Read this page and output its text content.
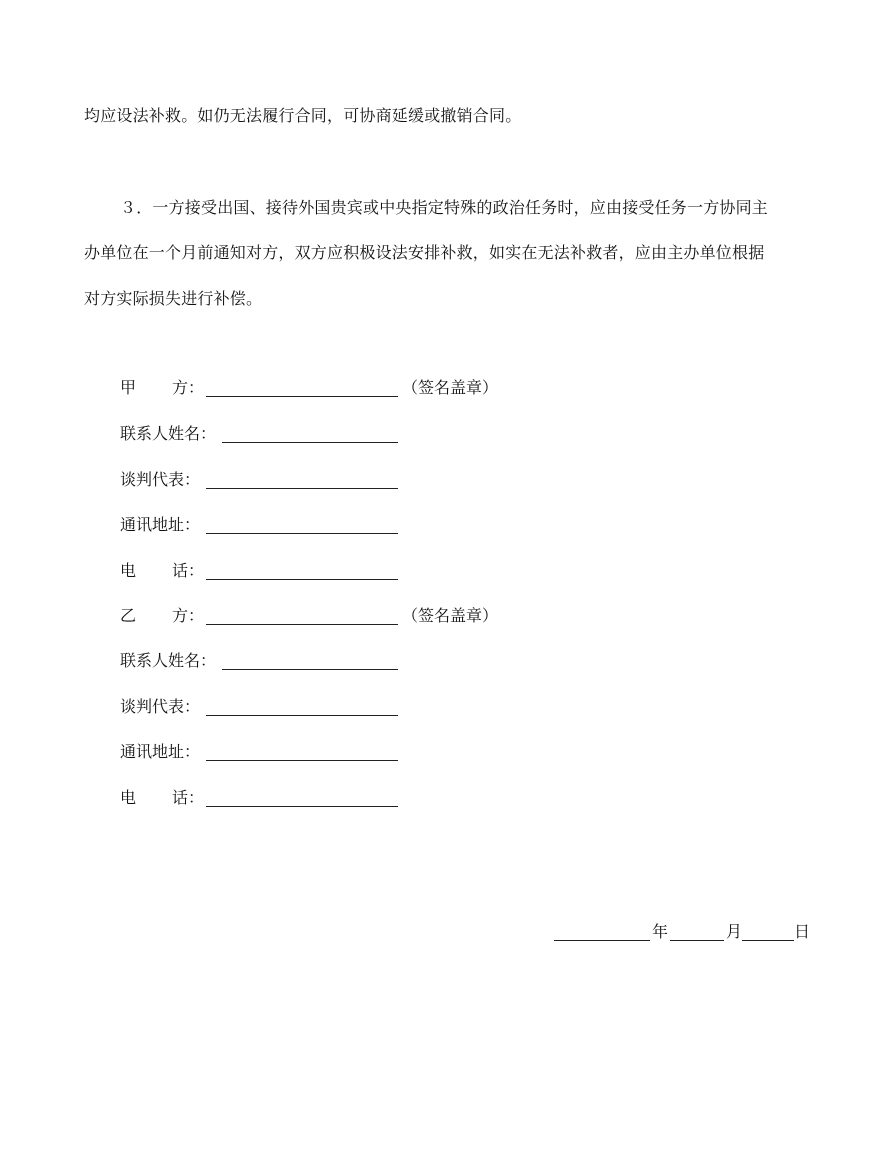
均应设法补救。如仍无法履行合同，可协商延缓或撤销合同。
３．一方接受出国、接待外国贵宾或中央指定特殊的政治任务时，应由接受任务一方协同主
办单位在一个月前通知对方，双方应积极设法安排补救，如实在无法补救者，应由主办单位根据
对方实际损失进行补偿。
甲 方：	（签名盖章）
联系人姓名：
谈判代表：
通讯地址：
电 话：
乙 方：	（签名盖章）
联系人姓名：
谈判代表：
通讯地址：
电 话：
年	月	日
